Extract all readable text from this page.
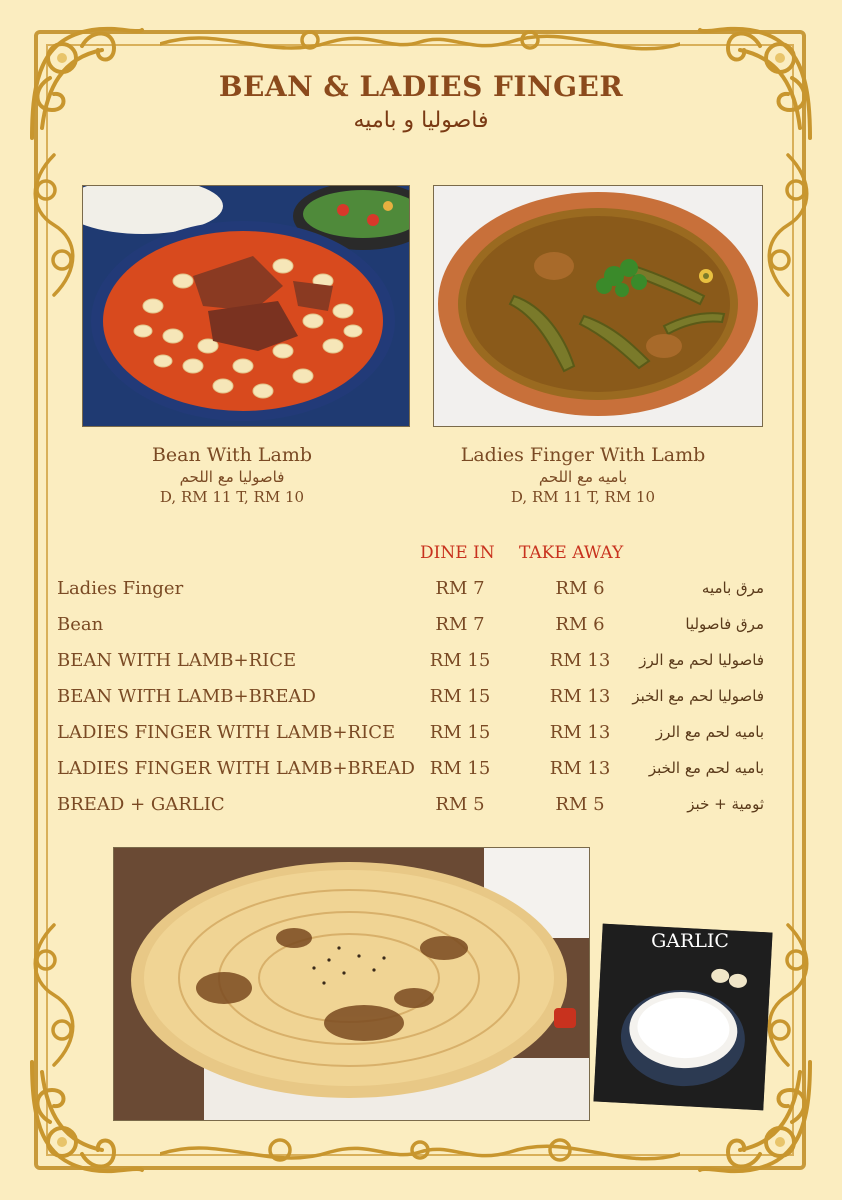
BEAN & LADIES FINGER
فاصوليا و باميه
Bean With Lamb
فاصوليا مع اللحم
D, RM 11 T, RM 10
Ladies Finger With Lamb
باميه مع اللحم
D, RM 11 T, RM 10
DINE IN TAKE AWAY
Ladies Finger	RM 7	RM 6	مرق باميه
Bean	RM 7	RM 6	مرق فاصوليا
BEAN WITH LAMB+RICE	RM 15	RM 13	فاصوليا لحم مع الرز
BEAN WITH LAMB+BREAD	RM 15	RM 13	فاصوليا لحم مع الخبز
LADIES FINGER WITH LAMB+RICE	RM 15	RM 13	باميه لحم مع الرز
LADIES FINGER WITH LAMB+BREAD RM 15	RM 13	باميه لحم مع الخبز
BREAD + GARLIC	RM 5	RM 5	ثومية + خبز
GARLIC
